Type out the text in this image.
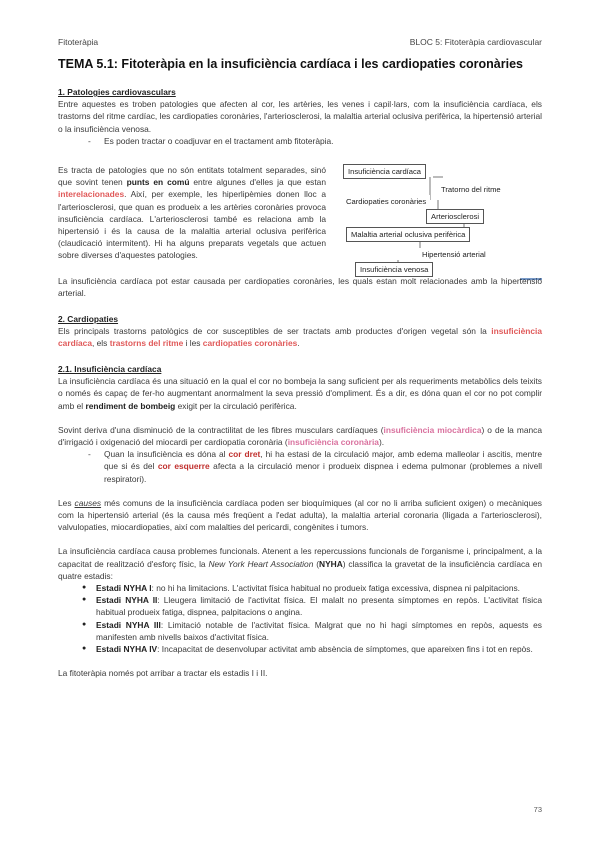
Fitoteràpia	BLOC 5: Fitoteràpia cardiovascular
TEMA 5.1: Fitoteràpia en la insuficiència cardíaca i les cardiopaties coronàries
1. Patologies cardiovasculars
Entre aquestes es troben patologies que afecten al cor, les artèries, les venes i capil·lars, com la insuficiència cardíaca, els trastorns del ritme cardíac, les cardiopaties coronàries, l'arteriosclerosi, la malaltia arterial oclusiva perifèrica, la hipertensió arterial o la insuficiència venosa.
- Es poden tractar o coadjuvar en el tractament amb fitoteràpia.
Es tracta de patologies que no són entitats totalment separades, sinó que sovint tenen punts en comú entre algunes d'elles ja que estan interelacionades. Així, per exemple, les hiperlipèmies donen lloc a l'arteriosclerosi, que quan es produeix a les artèries coronàries provoca insuficiència cardíaca. L'arteriosclerosi també es relaciona amb la hipertensió i és la causa de la malaltia arterial oclusiva perifèrica (claudicació intermitent). Hi ha alguns preparats vegetals que actuen sobre diverses d'aquestes patologies.
Insuficiència cardíaca
Tratorno del ritme
Cardiopaties coronàries
Arteriosclerosi
Malaltia arterial oclusiva perifèrica
Hipertensió arterial
Insuficiència venosa
La insuficiència cardíaca pot estar causada per cardiopaties coronàries, les quals estan molt relacionades amb la hipertensió arterial.
2. Cardiopaties
Els principals trastorns patològics de cor susceptibles de ser tractats amb productes d'origen vegetal són la insuficiència cardíaca, els trastorns del ritme i les cardiopaties coronàries.
2.1. Insuficiència cardíaca
La insuficiència cardíaca és una situació en la qual el cor no bombeja la sang suficient per als requeriments metabòlics dels teixits o només és capaç de fer-ho augmentant anormalment la seva pressió d'ompliment. És a dir, es dóna quan el cor no pot complir amb el rendiment de bombeig exigit per la circulació perifèrica.
Sovint deriva d'una disminució de la contractilitat de les fibres musculars cardíaques (insuficiència miocàrdica) o de la manca d'irrigació i oxigenació del miocardi per cardiopatia coronària (insuficiència coronària).
- Quan la insuficiència es dóna al cor dret, hi ha estasi de la circulació major, amb edema malleolar i ascitis, mentre que si és del cor esquerre afecta a la circulació menor i produeix dispnea i edema pulmonar (problemes a nivell respiratori).
Les causes més comuns de la insuficiència cardíaca poden ser bioquímiques (al cor no li arriba suficient oxigen) o mecàniques com la hipertensió arterial (és la causa més freqüent a l'edat adulta), la malaltia arterial coronaria (lligada a l'arteriosclerosi), valvulopaties, miocardiopaties, així com malalties del pericardi, congènites i tumors.
La insuficiència cardíaca causa problemes funcionals. Atenent a les repercussions funcionals de l'organisme i, principalment, a la capacitat de realització d'esforç físic, la New York Heart Association (NYHA) classifica la gravetat de la insuficiència cardíaca en quatre estadis:
● Estadi NYHA I: no hi ha limitacions. L'activitat física habitual no produeix fatiga excessiva, dispnea ni palpitacions.
● Estadi NYHA II: Lleugera limitació de l'activitat física. El malalt no presenta símptomes en repòs. L'activitat física habitual produeix fatiga, dispnea, palpitacions o angina.
● Estadi NYHA III: Limitació notable de l'activitat física. Malgrat que no hi hagi símptomes en repòs, aquests es manifesten amb nivells baixos d'activitat física.
● Estadi NYHA IV: Incapacitat de desenvolupar activitat amb absència de símptomes, que apareixen fins i tot en repòs.
La fitoteràpia només pot arribar a tractar els estadis I i II.
73
